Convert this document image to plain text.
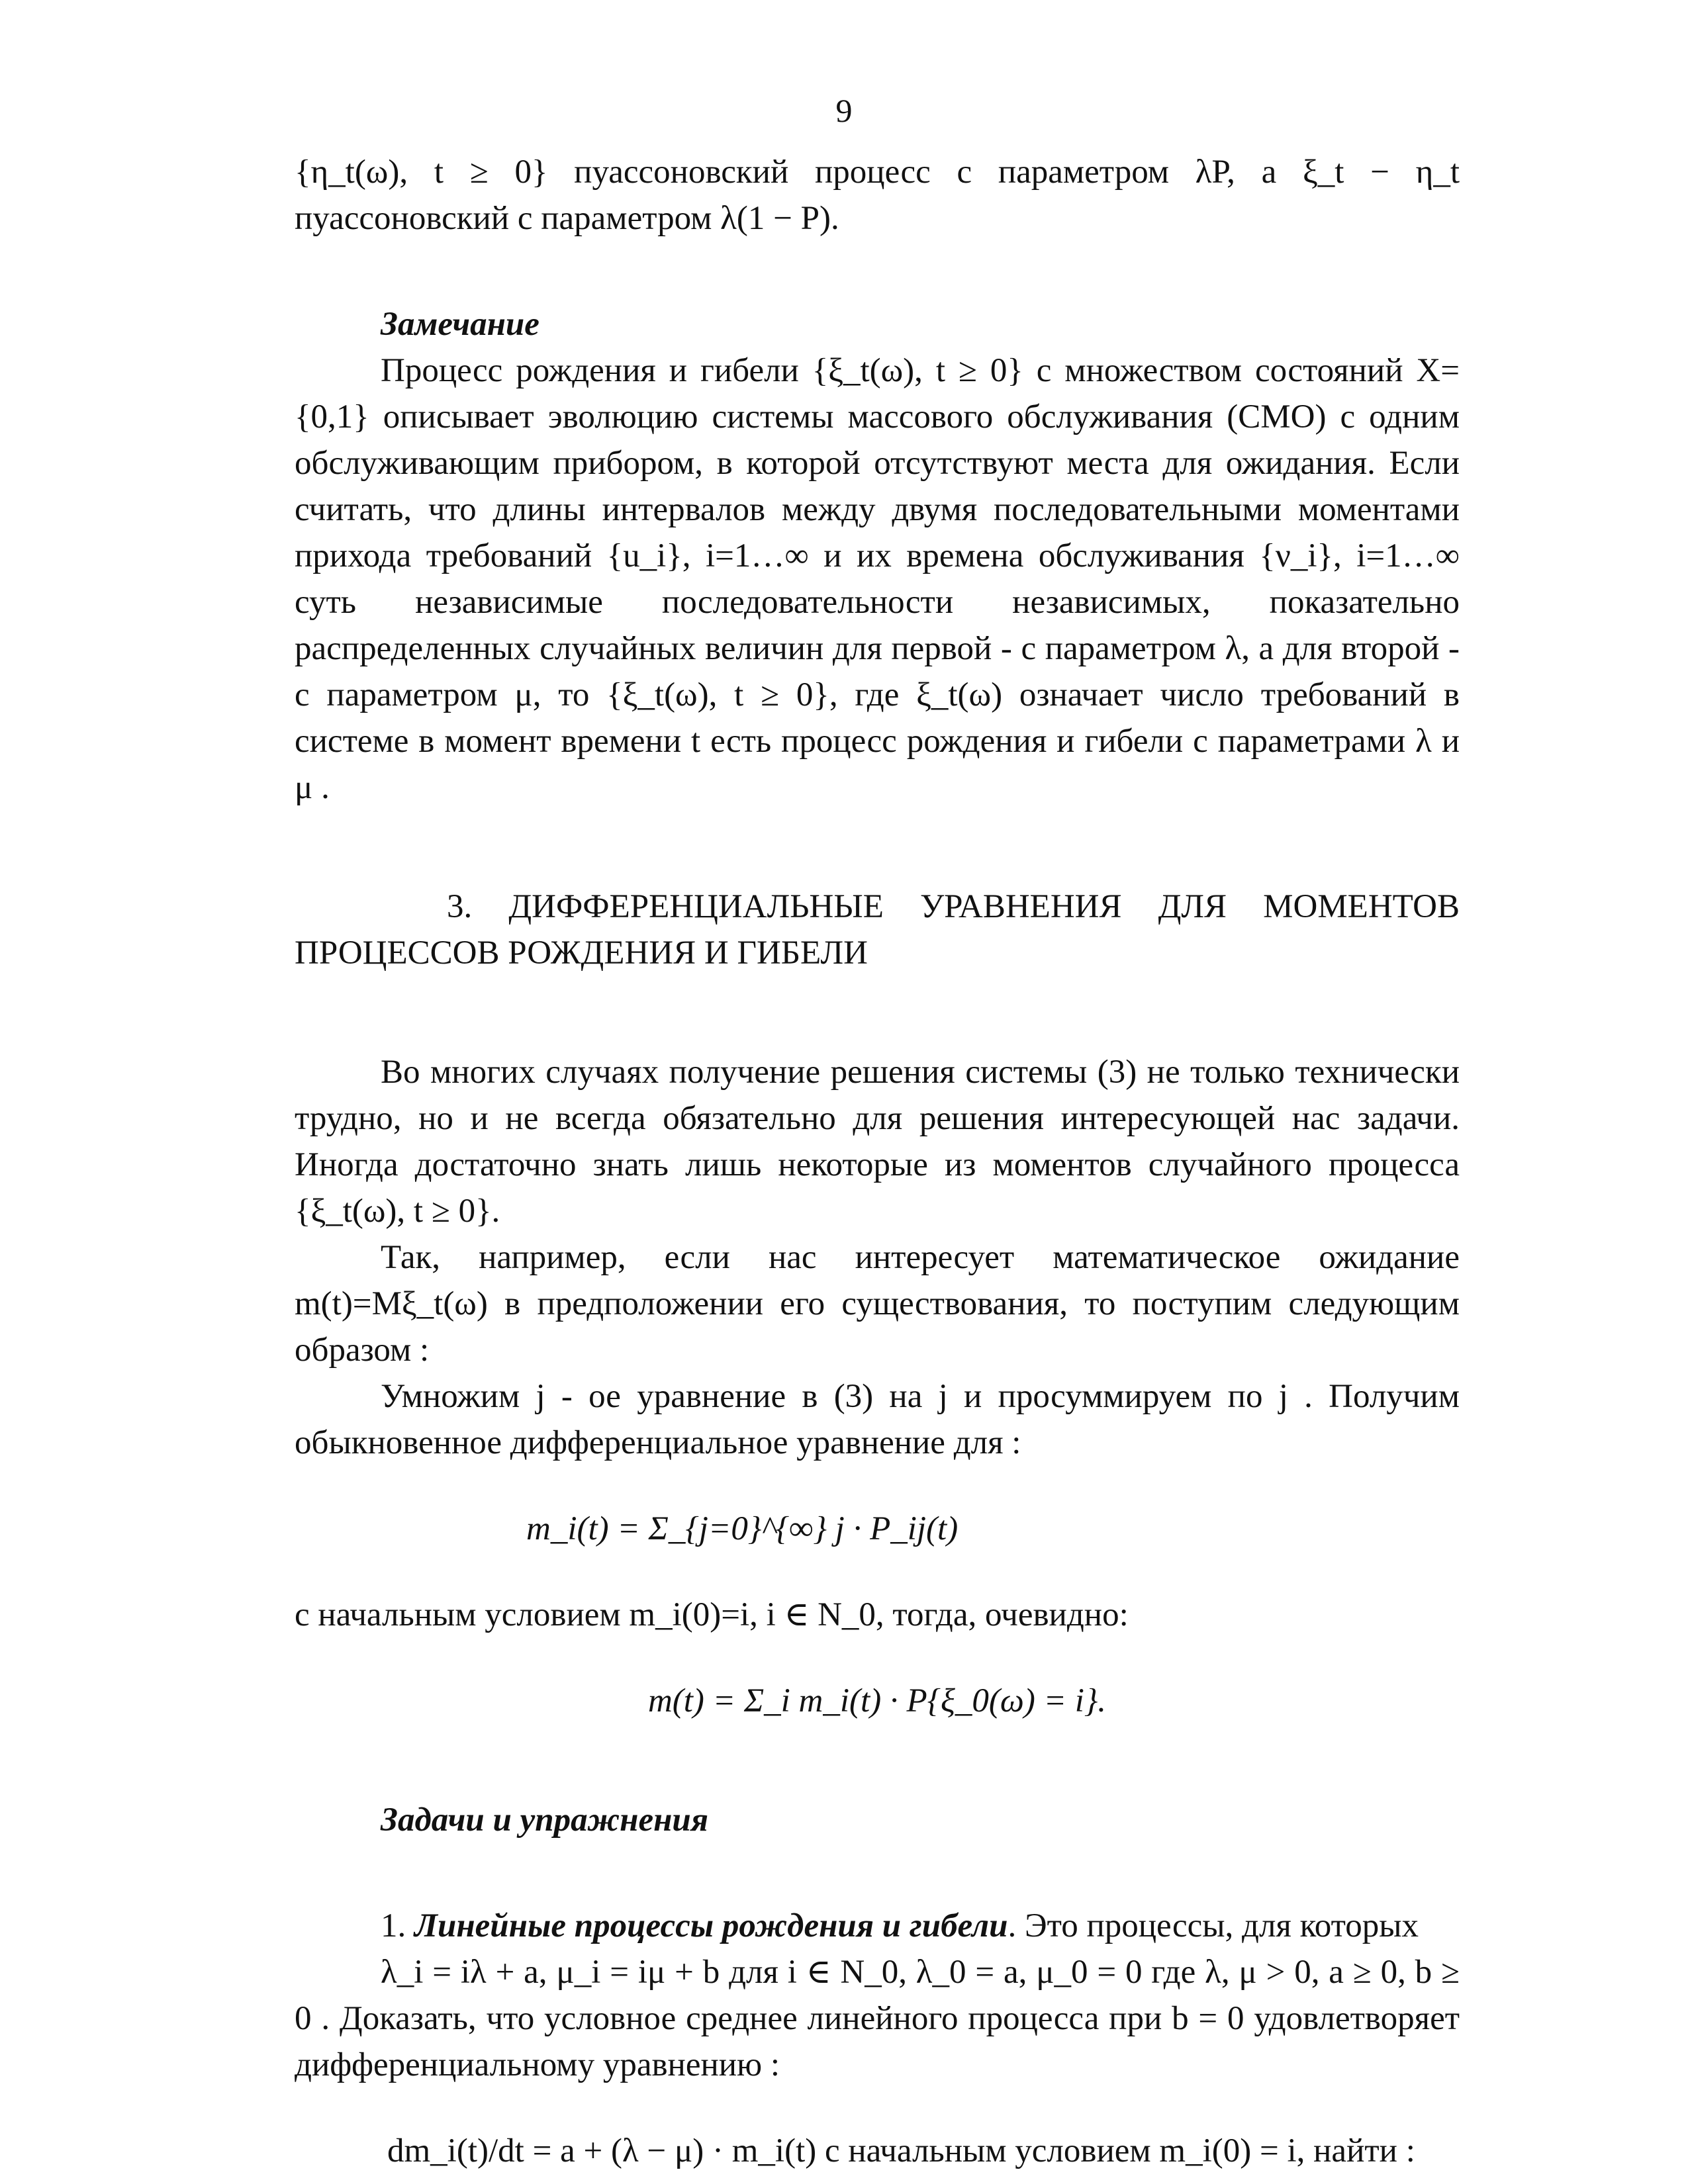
9

{η_t(ω), t ≥ 0} пуассоновский процесс с параметром λP, а ξ_t − η_t пуассоновский с параметром λ(1 − P).

Замечание

Процесс рождения и гибели {ξ_t(ω), t ≥ 0} с множеством состояний X={0,1} описывает эволюцию системы массового обслуживания (СМО) с одним обслуживающим прибором, в которой отсутствуют места для ожидания. Если считать, что длины интервалов между двумя последовательными моментами прихода требований {u_i}, i=1…∞ и их времена обслуживания {ν_i}, i=1…∞ суть независимые последовательности независимых, показательно распределенных случайных величин для первой - с параметром λ, а для второй - с параметром μ, то {ξ_t(ω), t ≥ 0}, где ξ_t(ω) означает число требований в системе в момент времени t есть процесс рождения и гибели с параметрами λ и μ .

3. ДИФФЕРЕНЦИАЛЬНЫЕ УРАВНЕНИЯ ДЛЯ МОМЕНТОВ ПРОЦЕССОВ РОЖДЕНИЯ И ГИБЕЛИ

Во многих случаях получение решения системы (3) не только технически трудно, но и не всегда обязательно для решения интересующей нас задачи. Иногда достаточно знать лишь некоторые из моментов случайного процесса {ξ_t(ω), t ≥ 0}.

Так, например, если нас интересует математическое ожидание m(t)=Mξ_t(ω) в предположении его существования, то поступим следующим образом :

Умножим j - ое уравнение в (3) на j и просуммируем по j . Получим обыкновенное дифференциальное уравнение для :

m_i(t) = Σ_{j=0}^{∞} j · P_ij(t)

с начальным условием m_i(0)=i, i ∈ N_0, тогда, очевидно:

m(t) = Σ_i m_i(t) · P{ξ_0(ω) = i}.

Задачи и упражнения

1. Линейные процессы рождения и гибели. Это процессы, для которых

λ_i = iλ + a, μ_i = iμ + b для i ∈ N_0, λ_0 = a, μ_0 = 0 где λ, μ > 0, a ≥ 0, b ≥ 0 . Доказать, что условное среднее линейного процесса при b = 0 удовлетворяет дифференциальному уравнению :

dm_i(t)/dt = a + (λ − μ) · m_i(t) с начальным условием m_i(0) = i, найти :
